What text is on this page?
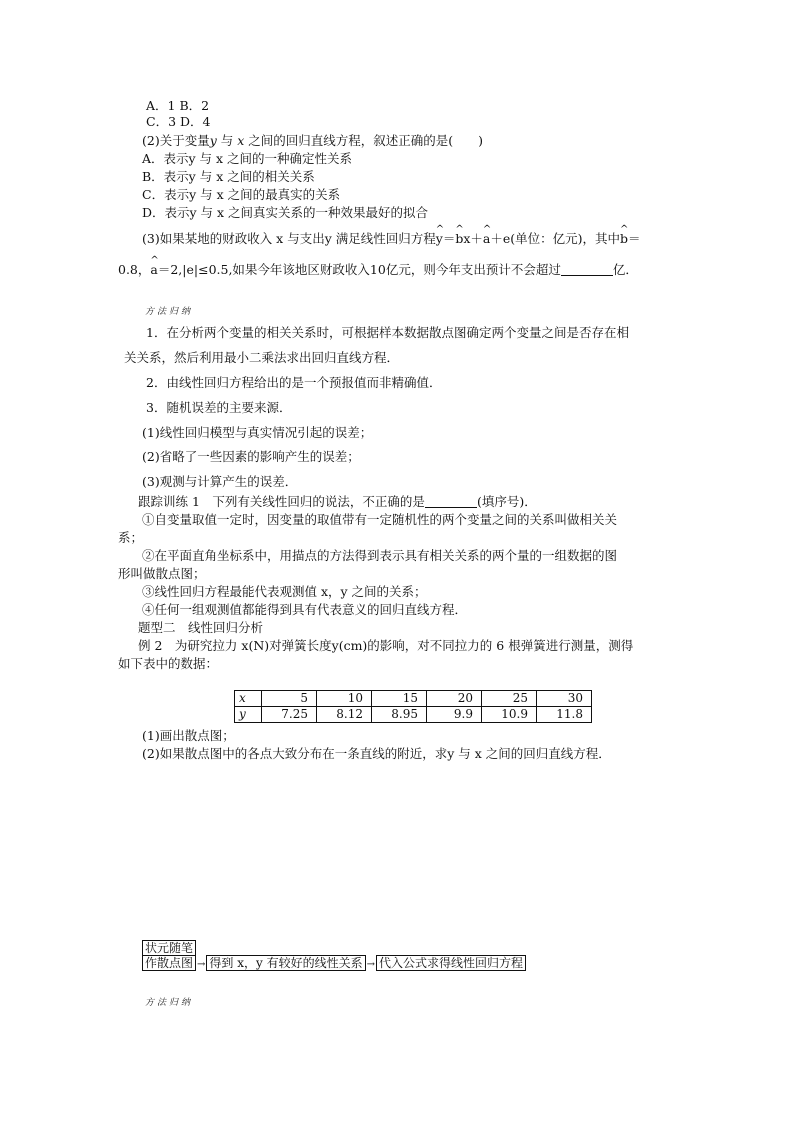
A．1 B．2
C．3 D．4
(2)关于变量y 与 x 之间的回归直线方程，叙述正确的是(　　)
A．表示y 与 x 之间的一种确定性关系
B．表示y 与 x 之间的相关关系
C．表示y 与 x 之间的最真实的关系
D．表示y 与 x 之间真实关系的一种效果最好的拟合
(3)如果某地的财政收入 x 与支出y 满足线性回归方程^ y＝^ bx＋^ a＋e(单位：亿元)，其中^ b＝
0.8，^ a＝2,|e|≤0.5,如果今年该地区财政收入10亿元，则今年支出预计不会超过	亿．
方法归纳
1．在分析两个变量的相关关系时，可根据样本数据散点图确定两个变量之间是否存在相
关关系，然后利用最小二乘法求出回归直线方程．
2．由线性回归方程给出的是一个预报值而非精确值．
3．随机误差的主要来源．
(1)线性回归模型与真实情况引起的误差；
(2)省略了一些因素的影响产生的误差；
(3)观测与计算产生的误差．
跟踪训练 1　下列有关线性回归的说法，不正确的是	(填序号)．
①自变量取值一定时，因变量的取值带有一定随机性的两个变量之间的关系叫做相关关
系；
②在平面直角坐标系中，用描点的方法得到表示具有相关关系的两个量的一组数据的图
形叫做散点图；
③线性回归方程最能代表观测值 x，y 之间的关系；
④任何一组观测值都能得到具有代表意义的回归直线方程．
题型二　线性回归分析
例 2　为研究拉力 x(N)对弹簧长度y(cm)的影响，对不同拉力的 6 根弹簧进行测量，测得
如下表中的数据：
x	5	10	15	20	25	30
y	7.25	8.12	8.95	9.9	10.9	11.8
(1)画出散点图；
(2)如果散点图中的各点大致分布在一条直线的附近，求y 与 x 之间的回归直线方程．
状元随笔
作散点图 → 得到 x，y 有较好的线性关系 → 代入公式求得线性回归方程
方法归纳
